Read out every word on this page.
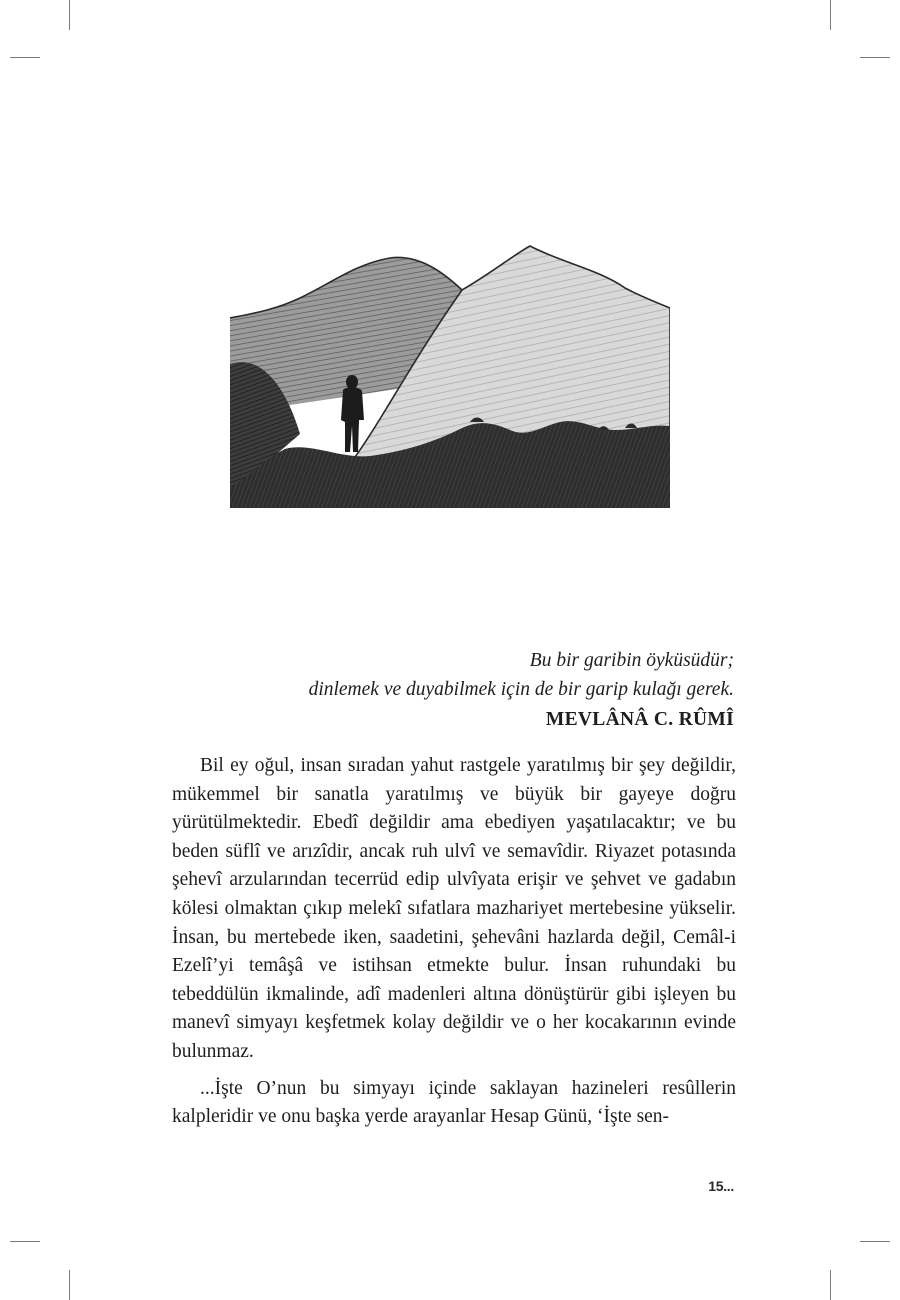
Bu bir garibin öyküsüdür;
dinlemek ve duyabilmek için de bir garip kulağı gerek.
MEVLÂNÂ C. RÛMÎ

Bil ey oğul, insan sıradan yahut rastgele yaratılmış bir şey değildir, mükemmel bir sanatla yaratılmış ve büyük bir gayeye doğru yürütülmektedir. Ebedî değildir ama ebediyen yaşatılacaktır; ve bu beden süflî ve arızîdir, ancak ruh ulvî ve semavîdir. Riyazet potasında şehevî arzularından tecerrüd edip ulvîyata erişir ve şehvet ve gadabın kölesi olmaktan çıkıp melekî sıfatlara mazhariyet mertebesine yükselir. İnsan, bu mertebede iken, saadetini, şehevâni hazlarda değil, Cemâl-i Ezelî’yi temâşâ ve istihsan etmekte bulur. İnsan ruhundaki bu tebeddülün ikmalinde, adî madenleri altına dönüştürür gibi işleyen bu manevî simyayı keşfetmek kolay değildir ve o her kocakarının evinde bulunmaz.

...İşte O’nun bu simyayı içinde saklayan hazineleri resûllerin kalpleridir ve onu başka yerde arayanlar Hesap Günü, ‘İşte sen-

15...
